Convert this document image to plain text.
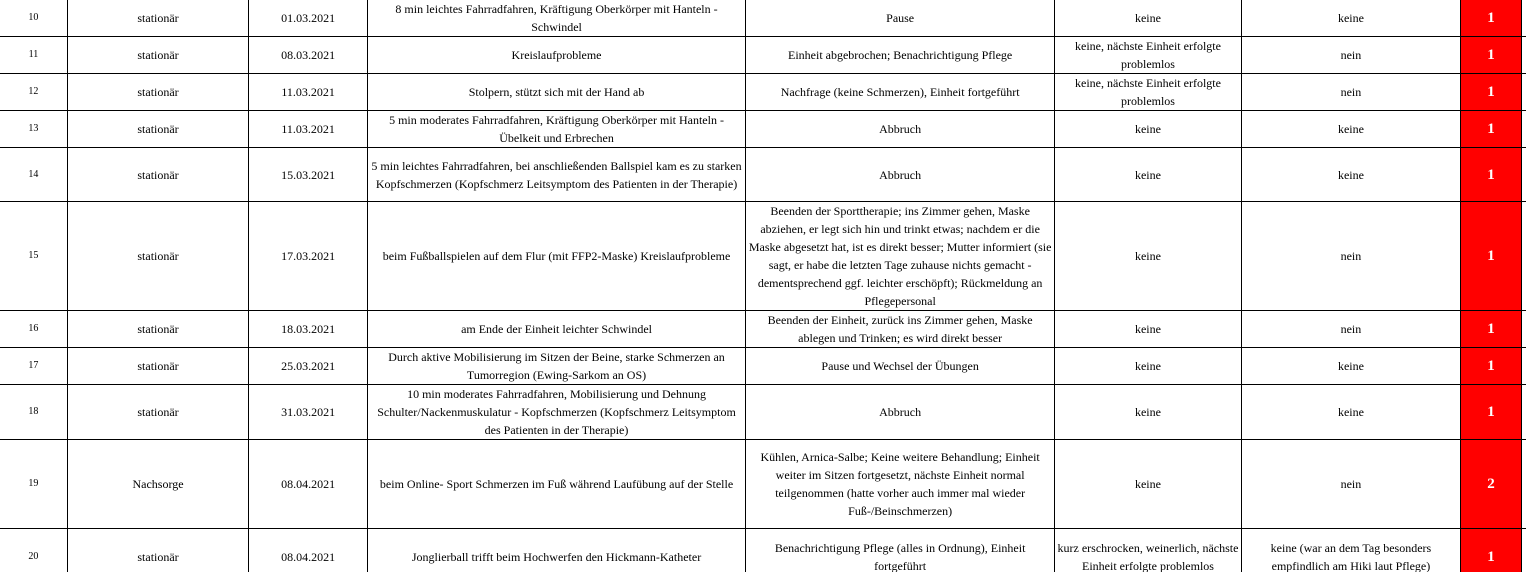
10	stationär	01.03.2021	8 min leichtes Fahrradfahren, Kräftigung Oberkörper mit Hanteln - Schwindel	Pause	keine	keine	1	
11	stationär	08.03.2021	Kreislaufprobleme	Einheit abgebrochen; Benachrichtigung Pflege	keine, nächste Einheit erfolgte problemlos	nein	1	
12	stationär	11.03.2021	Stolpern, stützt sich mit der Hand ab	Nachfrage (keine Schmerzen), Einheit fortgeführt	keine, nächste Einheit erfolgte problemlos	nein	1	
13	stationär	11.03.2021	5 min moderates Fahrradfahren, Kräftigung Oberkörper mit Hanteln - Übelkeit und Erbrechen	Abbruch	keine	keine	1	
14	stationär	15.03.2021	5 min leichtes Fahrradfahren, bei anschließenden Ballspiel kam es zu starken Kopfschmerzen (Kopfschmerz Leitsymptom des Patienten in der Therapie)	Abbruch	keine	keine	1	
15	stationär	17.03.2021	beim Fußballspielen auf dem Flur (mit FFP2-Maske) Kreislaufprobleme	Beenden der Sporttherapie; ins Zimmer gehen, Maske abziehen, er legt sich hin und trinkt etwas; nachdem er die Maske abgesetzt hat, ist es direkt besser; Mutter informiert (sie sagt, er habe die letzten Tage zuhause nichts gemacht - dementsprechend ggf. leichter erschöpft); Rückmeldung an Pflegepersonal	keine	nein	1	
16	stationär	18.03.2021	am Ende der Einheit leichter Schwindel	Beenden der Einheit, zurück ins Zimmer gehen, Maske ablegen und Trinken; es wird direkt besser	keine	nein	1	
17	stationär	25.03.2021	Durch aktive Mobilisierung im Sitzen der Beine, starke Schmerzen an Tumorregion (Ewing-Sarkom an OS)	Pause und Wechsel der Übungen	keine	keine	1	
18	stationär	31.03.2021	10 min moderates Fahrradfahren, Mobilisierung und Dehnung Schulter/Nackenmuskulatur - Kopfschmerzen (Kopfschmerz Leitsymptom des Patienten in der Therapie)	Abbruch	keine	keine	1	
19	Nachsorge	08.04.2021	beim Online- Sport Schmerzen im Fuß während Laufübung auf der Stelle	Kühlen, Arnica-Salbe; Keine weitere Behandlung; Einheit weiter im Sitzen fortgesetzt, nächste Einheit normal teilgenommen (hatte vorher auch immer mal wieder Fuß-/Beinschmerzen)	keine	nein	2	
20	stationär	08.04.2021	Jonglierball trifft beim Hochwerfen den Hickmann-Katheter	Benachrichtigung Pflege (alles in Ordnung), Einheit fortgeführt	kurz erschrocken, weinerlich, nächste Einheit erfolgte problemlos	keine (war an dem Tag besonders empfindlich am Hiki laut Pflege)	1	
